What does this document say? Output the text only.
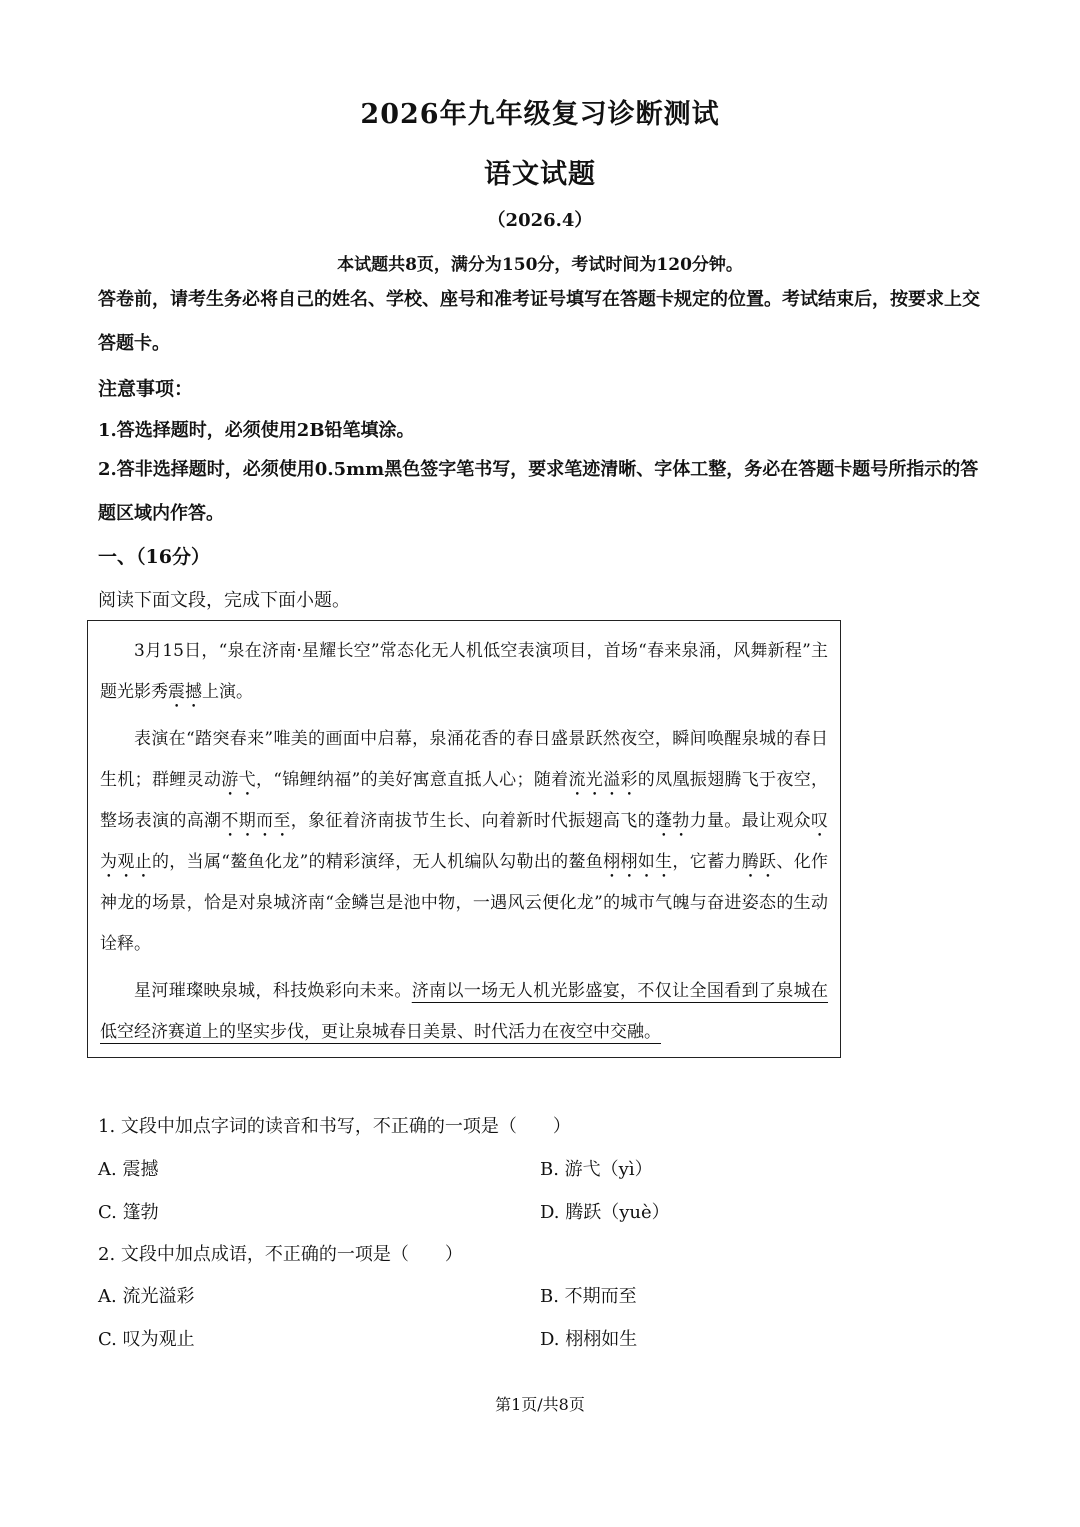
2026年九年级复习诊断测试
语文试题
（2026.4）
本试题共8页，满分为150分，考试时间为120分钟。
答卷前，请考生务必将自己的姓名、学校、座号和准考证号填写在答题卡规定的位置。考试结束后，按要求上交答题卡。
注意事项：
1.答选择题时，必须使用2B铅笔填涂。
2.答非选择题时，必须使用0.5mm黑色签字笔书写，要求笔迹清晰、字体工整，务必在答题卡题号所指示的答题区域内作答。
一、（16分）
阅读下面文段，完成下面小题。

3月15日，“泉在济南·星耀长空”常态化无人机低空表演项目，首场“春来泉涌，风舞新程”主题光影秀震撼上演。

表演在“踏突春来”唯美的画面中启幕，泉涌花香的春日盛景跃然夜空，瞬间唤醒泉城的春日生机；群鲤灵动游弋，“锦鲤纳福”的美好寓意直抵人心；随着流光溢彩的凤凰振翅腾飞于夜空，整场表演的高潮不期而至，象征着济南拔节生长、向着新时代振翅高飞的蓬勃力量。最让观众叹为观止的，当属“鳌鱼化龙”的精彩演绎，无人机编队勾勒出的鳌鱼栩栩如生，它蓄力腾跃、化作神龙的场景，恰是对泉城济南“金鳞岂是池中物，一遇风云便化龙”的城市气魄与奋进姿态的生动诠释。

星河璀璨映泉城，科技焕彩向未来。济南以一场无人机光影盛宴，不仅让全国看到了泉城在低空经济赛道上的坚实步伐，更让泉城春日美景、时代活力在夜空中交融。

1. 文段中加点字词的读音和书写，不正确的一项是（　　）
A. 震撼	B. 游弋（yì）
C. 篷勃	D. 腾跃（yuè）
2. 文段中加点成语，不正确的一项是（　　）
A. 流光溢彩	B. 不期而至
C. 叹为观止	D. 栩栩如生
第1页/共8页
